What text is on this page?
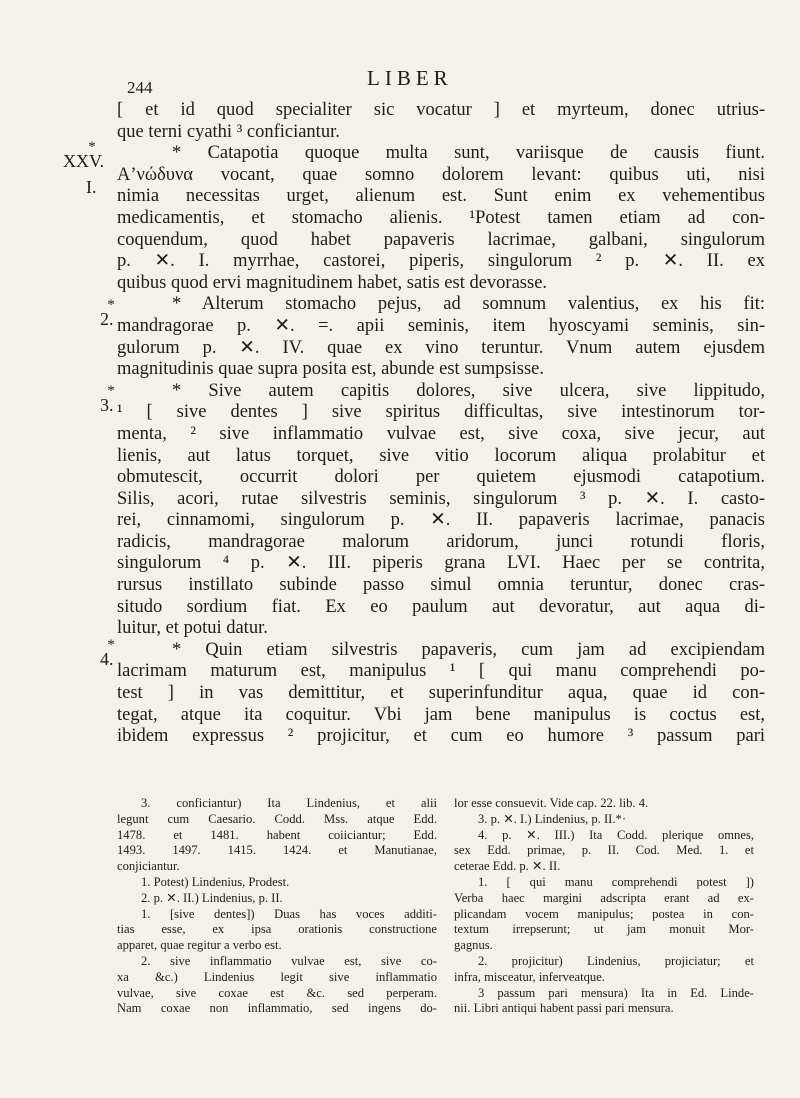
244	LIBER
*
XXV.
I.
*
2.
*
3.
*
4.
[ et id quod specialiter sic vocatur ] et myrteum, donec utrius-
que terni cyathi ³ conficiantur.
* Catapotia quoque multa sunt, variisque de causis fiunt.
Aʼνώδυνα vocant, quae somno dolorem levant: quibus uti, nisi
nimia necessitas urget, alienum est. Sunt enim ex vehementibus
medicamentis, et stomacho alienis. ¹Potest tamen etiam ad con-
coquendum, quod habet papaveris lacrimae, galbani, singulorum
p. ✕. I. myrrhae, castorei, piperis, singulorum ² p. ✕. II. ex
quibus quod ervi magnitudinem habet, satis est devorasse.
* Alterum stomacho pejus, ad somnum valentius, ex his fit:
mandragorae p. ✕. =. apii seminis, item hyoscyami seminis, sin-
gulorum p. ✕. IV. quae ex vino teruntur. Vnum autem ejusdem
magnitudinis quae supra posita est, abunde est sumpsisse.
* Sive autem capitis dolores, sive ulcera, sive lippitudo,
¹ [ sive dentes ] sive spiritus difficultas, sive intestinorum tor-
menta, ² sive inflammatio vulvae est, sive coxa, sive jecur, aut
lienis, aut latus torquet, sive vitio locorum aliqua prolabitur et
obmutescit, occurrit dolori per quietem ejusmodi catapotium.
Silis, acori, rutae silvestris seminis, singulorum ³ p. ✕. I. casto-
rei, cinnamomi, singulorum p. ✕. II. papaveris lacrimae, panacis
radicis, mandragorae malorum aridorum, junci rotundi floris,
singulorum ⁴ p. ✕. III. piperis grana LVI. Haec per se contrita,
rursus instillato subinde passo simul omnia teruntur, donec cras-
situdo sordium fiat. Ex eo paulum aut devoratur, aut aqua di-
luitur, et potui datur.
* Quin etiam silvestris papaveris, cum jam ad excipiendam
lacrimam maturum est, manipulus ¹ [ qui manu comprehendi po-
test ] in vas demittitur, et superinfunditur aqua, quae id con-
tegat, atque ita coquitur. Vbi jam bene manipulus is coctus est,
ibidem expressus ² projicitur, et cum eo humore ³ passum pari
3. conficiantur) Ita Lindenius, et alii
legunt cum Caesario. Codd. Mss. atque Edd.
1478. et 1481. habent coiiciantur; Edd.
1493. 1497. 1415. 1424. et Manutianae,
conjiciantur.
1. Potest) Lindenius, Prodest.
2. p. ✕. II.) Lindenius, p. II.
1. [sive dentes]) Duas has voces additi-
tias esse, ex ipsa orationis constructione
apparet, quae regitur a verbo est.
2. sive inflammatio vulvae est, sive co-
xa &c.) Lindenius legit sive inflammatio
vulvae, sive coxae est &c. sed perperam.
Nam coxae non inflammatio, sed ingens do-
lor esse consuevit. Vide cap. 22. lib. 4.
3. p. ✕. I.) Lindenius, p. II.*·
4. p. ✕. III.) Ita Codd. plerique omnes,
sex Edd. primae, p. II. Cod. Med. 1. et
ceterae Edd. p. ✕. II.
1. [ qui manu comprehendi potest ])
Verba haec margini adscripta erant ad ex-
plicandam vocem manipulus; postea in con-
textum irrepserunt; ut jam monuit Mor-
gagnus.
2. projicitur) Lindenius, projiciatur; et
infra, misceatur, inferveatque.
3 passum pari mensura) Ita in Ed. Linde-
nii. Libri antiqui habent passi pari mensura.
